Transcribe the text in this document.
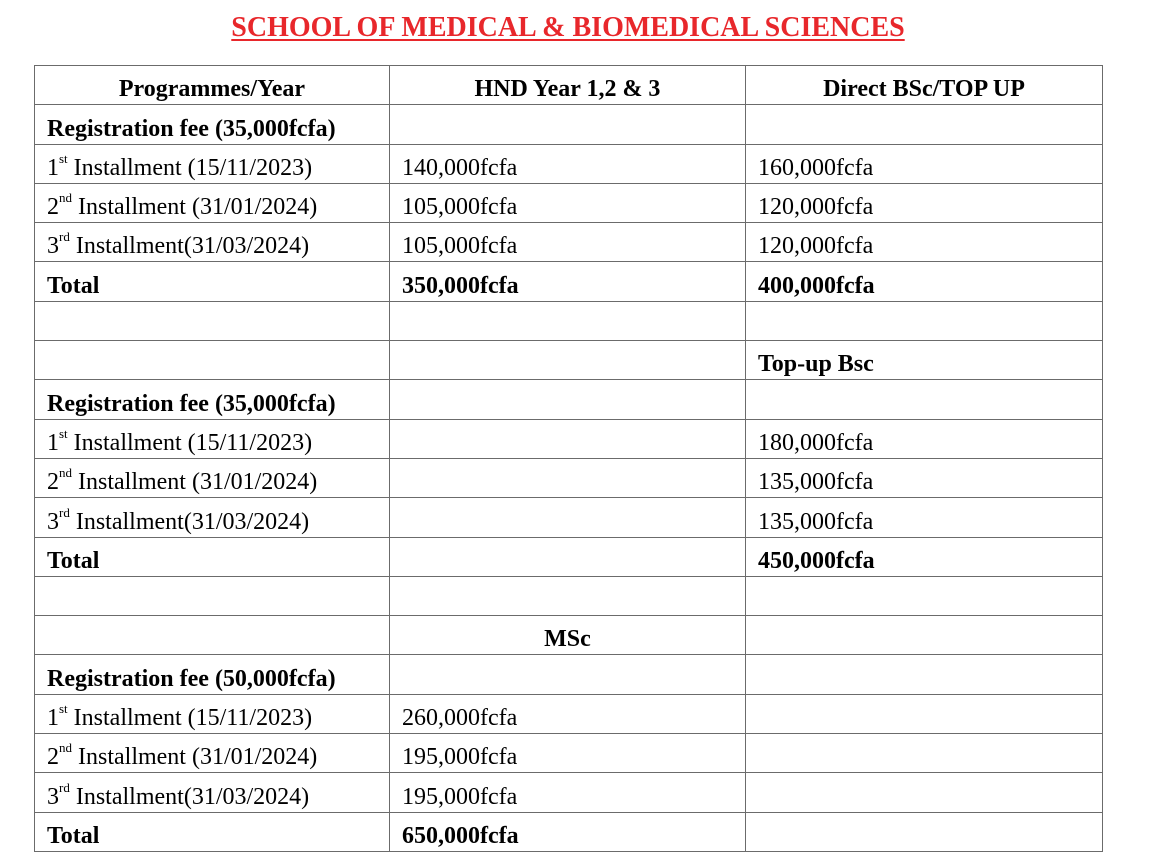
SCHOOL OF MEDICAL & BIOMEDICAL SCIENCES
Programmes/Year	HND Year 1,2 & 3	Direct BSc/TOP UP
Registration fee (35,000fcfa)		
1st Installment (15/11/2023)	140,000fcfa	160,000fcfa
2nd Installment (31/01/2024)	105,000fcfa	120,000fcfa
3rd Installment(31/03/2024)	105,000fcfa	120,000fcfa
Total	350,000fcfa	400,000fcfa

		Top-up Bsc
Registration fee (35,000fcfa)		
1st Installment (15/11/2023)		180,000fcfa
2nd Installment (31/01/2024)		135,000fcfa
3rd Installment(31/03/2024)		135,000fcfa
Total		450,000fcfa

	MSc	
Registration fee (50,000fcfa)		
1st Installment (15/11/2023)	260,000fcfa	
2nd Installment (31/01/2024)	195,000fcfa	
3rd Installment(31/03/2024)	195,000fcfa	
Total	650,000fcfa	
